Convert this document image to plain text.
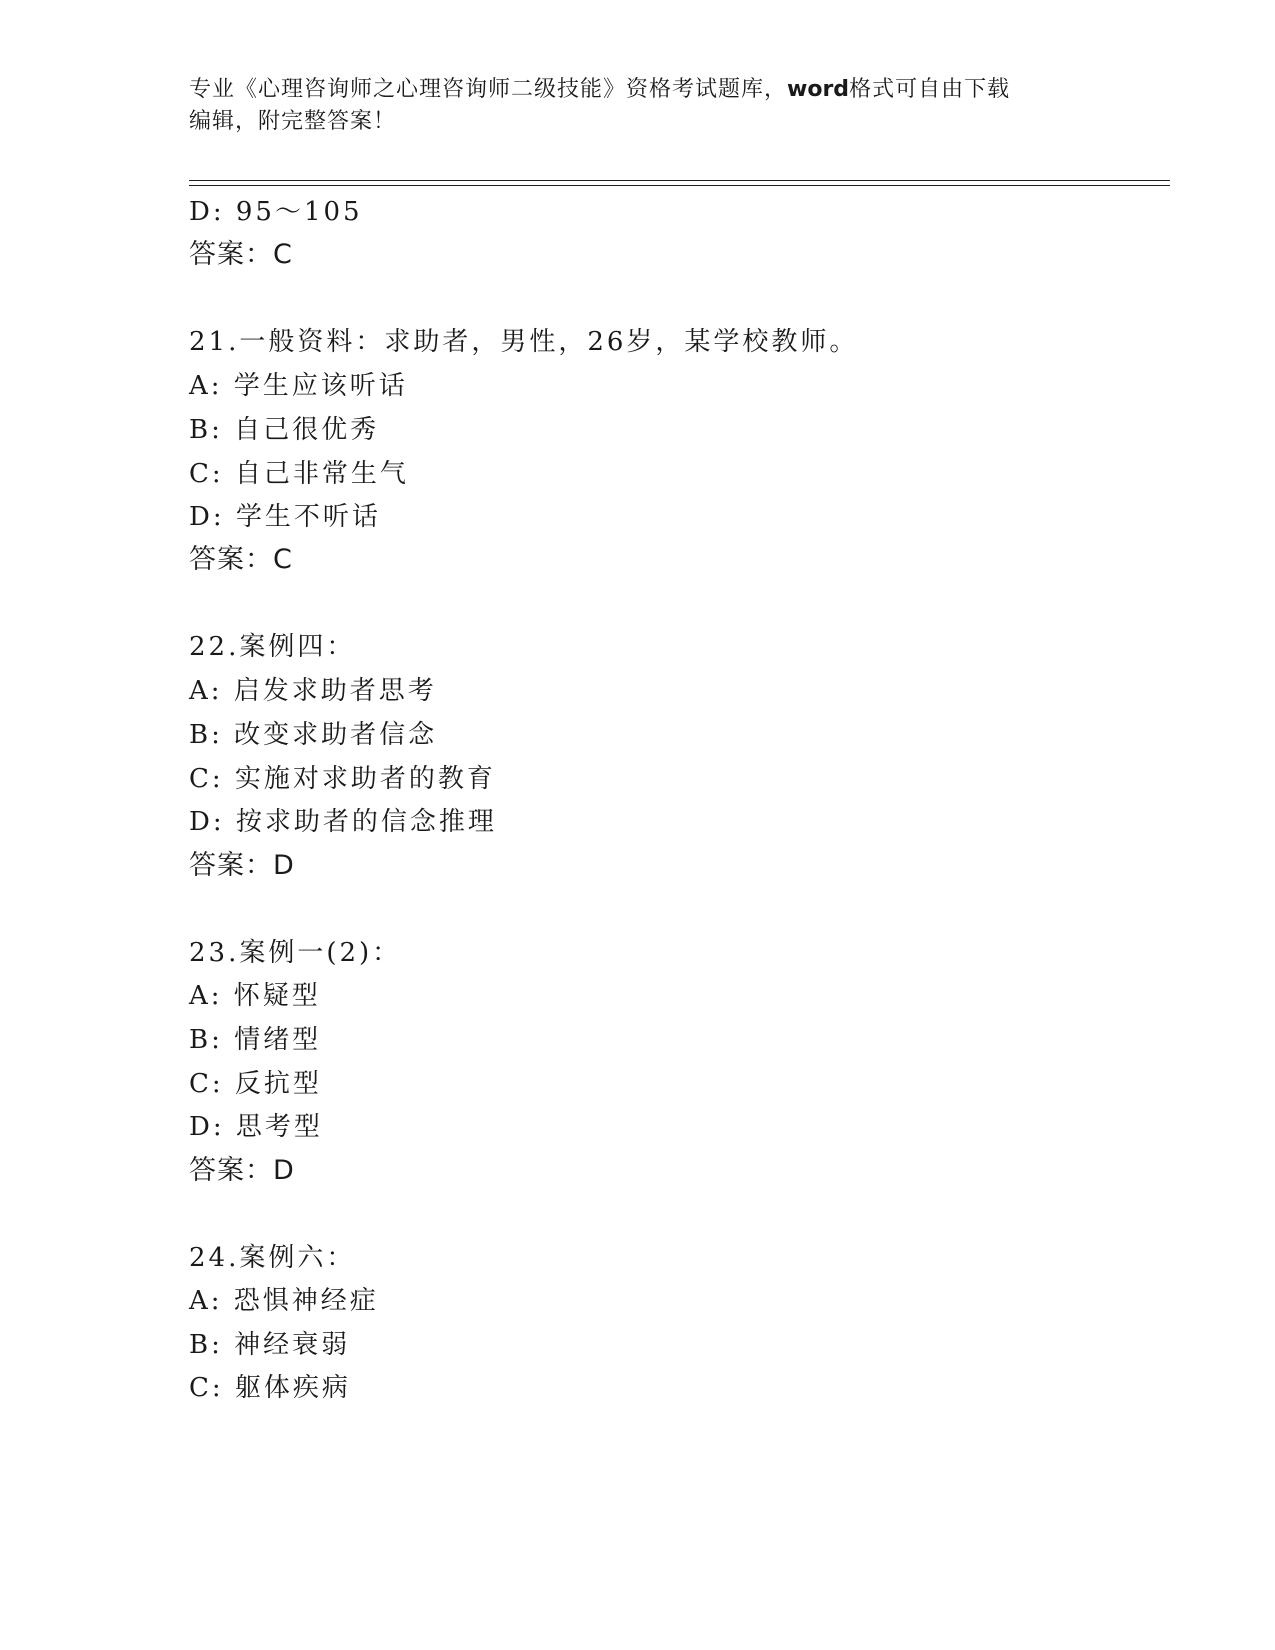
专业《心理咨询师之心理咨询师二级技能》资格考试题库，word格式可自由下载
编辑，附完整答案！
D: 95～105
答案：C
21.一般资料：求助者，男性，26岁，某学校教师。
A: 学生应该听话
B: 自己很优秀
C: 自己非常生气
D: 学生不听话
答案：C
22.案例四：
A: 启发求助者思考
B: 改变求助者信念
C: 实施对求助者的教育
D: 按求助者的信念推理
答案：D
23.案例一(2)：
A: 怀疑型
B: 情绪型
C: 反抗型
D: 思考型
答案：D
24.案例六：
A: 恐惧神经症
B: 神经衰弱
C: 躯体疾病
